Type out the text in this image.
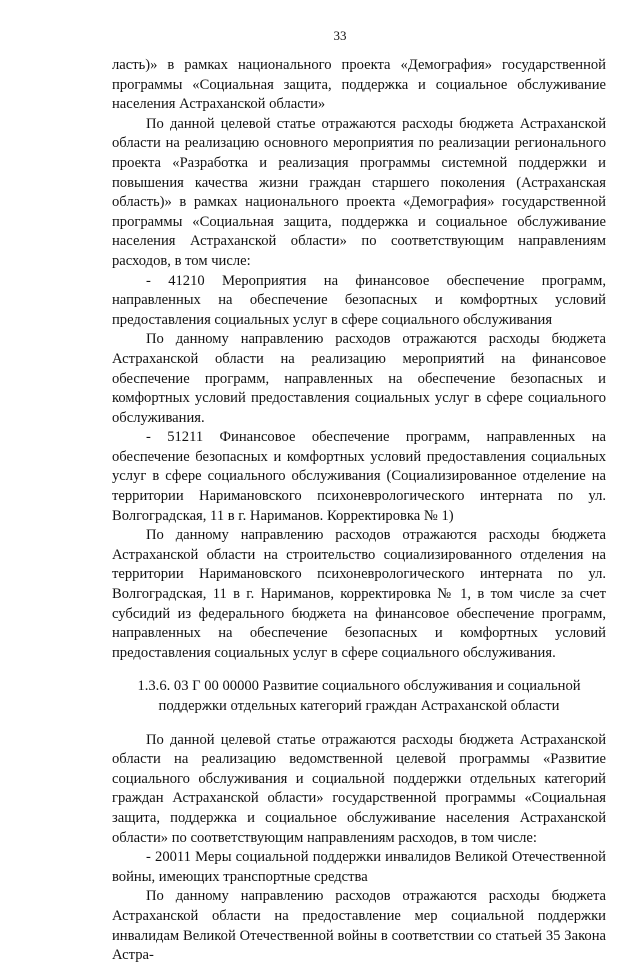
33

ласть)» в рамках национального проекта «Демография» государственной программы «Социальная защита, поддержка и социальное обслуживание населения Астраханской области»

По данной целевой статье отражаются расходы бюджета Астраханской области на реализацию основного мероприятия по реализации регионального проекта «Разработка и реализация программы системной поддержки и повышения качества жизни граждан старшего поколения (Астраханская область)» в рамках национального проекта «Демография» государственной программы «Социальная защита, поддержка и социальное обслуживание населения Астраханской области» по соответствующим направлениям расходов, в том числе:

- 41210 Мероприятия на финансовое обеспечение программ, направленных на обеспечение безопасных и комфортных условий предоставления социальных услуг в сфере социального обслуживания

По данному направлению расходов отражаются расходы бюджета Астраханской области на реализацию мероприятий на финансовое обеспечение программ, направленных на обеспечение безопасных и комфортных условий предоставления социальных услуг в сфере социального обслуживания.

- 51211 Финансовое обеспечение программ, направленных на обеспечение безопасных и комфортных условий предоставления социальных услуг в сфере социального обслуживания (Социализированное отделение на территории Наримановского психоневрологического интерната по ул. Волгоградская, 11 в г. Нариманов. Корректировка № 1)

По данному направлению расходов отражаются расходы бюджета Астраханской области на строительство социализированного отделения на территории Наримановского психоневрологического интерната по ул. Волгоградская, 11 в г. Нариманов, корректировка № 1, в том числе за счет субсидий из федерального бюджета на финансовое обеспечение программ, направленных на обеспечение безопасных и комфортных условий предоставления социальных услуг в сфере социального обслуживания.

1.3.6. 03 Г 00 00000 Развитие социального обслуживания и социальной поддержки отдельных категорий граждан Астраханской области

По данной целевой статье отражаются расходы бюджета Астраханской области на реализацию ведомственной целевой программы «Развитие социального обслуживания и социальной поддержки отдельных категорий граждан Астраханской области» государственной программы «Социальная защита, поддержка и социальное обслуживание населения Астраханской области» по соответствующим направлениям расходов, в том числе:

- 20011 Меры социальной поддержки инвалидов Великой Отечественной войны, имеющих транспортные средства

По данному направлению расходов отражаются расходы бюджета Астраханской области на предоставление мер социальной поддержки инвалидам Великой Отечественной войны в соответствии со статьей 35 Закона Астра-
